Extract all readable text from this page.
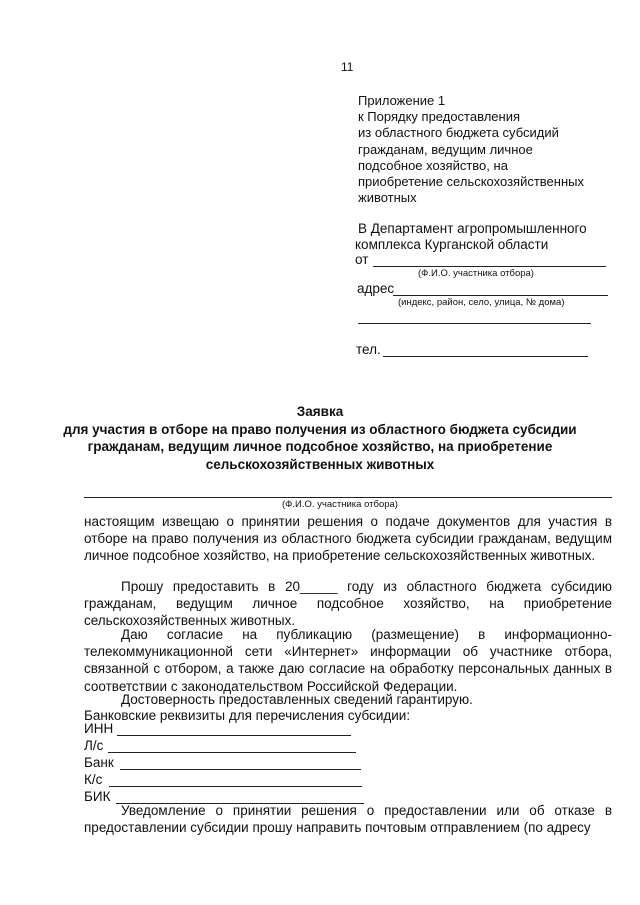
11
Приложение 1
к Порядку предоставления
из областного бюджета субсидий
гражданам, ведущим личное
подсобное хозяйство, на
приобретение сельскохозяйственных
животных
В Департамент агропромышленного
комплекса Курганской области
от
(Ф.И.О. участника отбора)
адрес
(индекс, район, село, улица, № дома)
тел.
Заявка
для участия в отборе на право получения из областного бюджета субсидии
гражданам, ведущим личное подсобное хозяйство, на приобретение
сельскохозяйственных животных
(Ф.И.О. участника отбора)
настоящим извещаю о принятии решения о подаче документов для участия в отборе на право получения из областного бюджета субсидии гражданам, ведущим личное подсобное хозяйство, на приобретение сельскохозяйственных животных.
Прошу предоставить в 20_____ году из областного бюджета субсидию гражданам, ведущим личное подсобное хозяйство, на приобретение сельскохозяйственных животных.
Даю согласие на публикацию (размещение) в информационно-телекоммуникационной сети «Интернет» информации об участнике отбора, связанной с отбором, а также даю согласие на обработку персональных данных в соответствии с законодательством Российской Федерации.
Достоверность предоставленных сведений гарантирую.
Банковские реквизиты для перечисления субсидии:
ИНН
Л/с
Банк
К/с
БИК
Уведомление о принятии решения о предоставлении или об отказе в предоставлении субсидии прошу направить почтовым отправлением (по адресу
